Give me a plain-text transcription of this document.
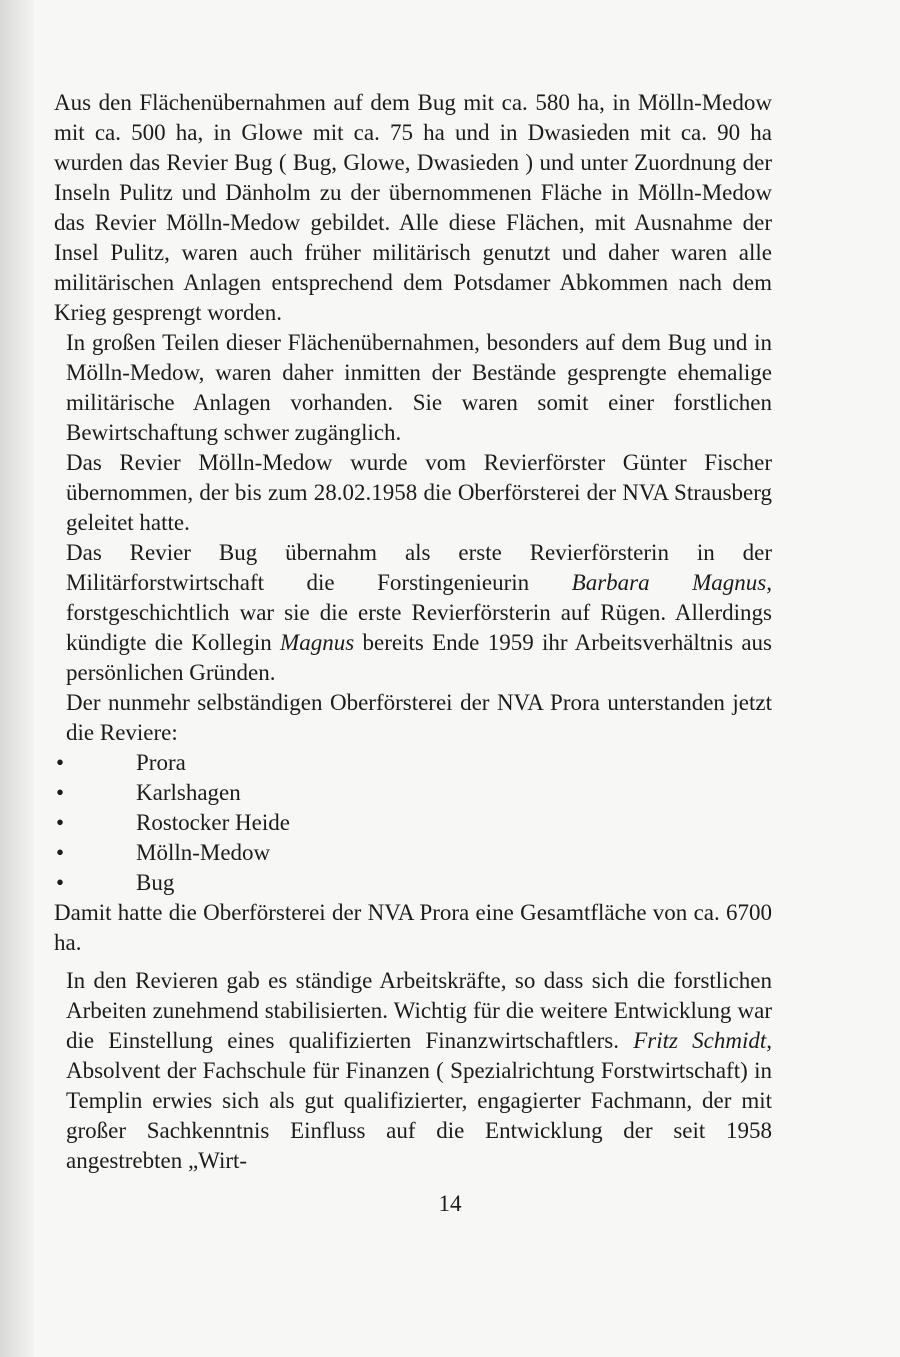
Aus den Flächenübernahmen auf dem Bug mit ca. 580 ha, in Mölln-Medow mit ca. 500 ha, in Glowe mit ca. 75 ha und in Dwasieden mit ca. 90 ha wurden das Revier Bug ( Bug, Glowe, Dwasieden ) und unter Zuordnung der Inseln Pulitz und Dänholm zu der übernommenen Fläche in Mölln-Medow das Revier Mölln-Medow gebildet. Alle diese Flächen, mit Ausnahme der Insel Pulitz, waren auch früher militärisch genutzt und daher waren alle militärischen Anlagen entsprechend dem Potsdamer Abkommen nach dem Krieg gesprengt worden.

In großen Teilen dieser Flächenübernahmen, besonders auf dem Bug und in Mölln-Medow, waren daher inmitten der Bestände gesprengte ehemalige militärische Anlagen vorhanden. Sie waren somit einer forstlichen Bewirtschaftung schwer zugänglich.

Das Revier Mölln-Medow wurde vom Revierförster Günter Fischer übernommen, der bis zum 28.02.1958 die Oberförsterei der NVA Strausberg geleitet hatte.

Das Revier Bug übernahm als erste Revierförsterin in der Militärforstwirtschaft die Forstingenieurin Barbara Magnus, forstgeschichtlich war sie die erste Revierförsterin auf Rügen. Allerdings kündigte die Kollegin Magnus bereits Ende 1959 ihr Arbeitsverhältnis aus persönlichen Gründen.

Der nunmehr selbständigen Oberförsterei der NVA Prora unterstanden jetzt die Reviere:

•	Prora
•	Karlshagen
•	Rostocker Heide
•	Mölln-Medow
•	Bug

Damit hatte die Oberförsterei der NVA Prora eine Gesamtfläche von ca. 6700 ha.

In den Revieren gab es ständige Arbeitskräfte, so dass sich die forstlichen Arbeiten zunehmend stabilisierten. Wichtig für die weitere Entwicklung war die Einstellung eines qualifizierten Finanzwirtschaftlers. Fritz Schmidt, Absolvent der Fachschule für Finanzen ( Spezialrichtung Forstwirtschaft) in Templin erwies sich als gut qualifizierter, engagierter Fachmann, der mit großer Sachkenntnis Einfluss auf die Entwicklung der seit 1958 angestrebten „Wirt-

14
